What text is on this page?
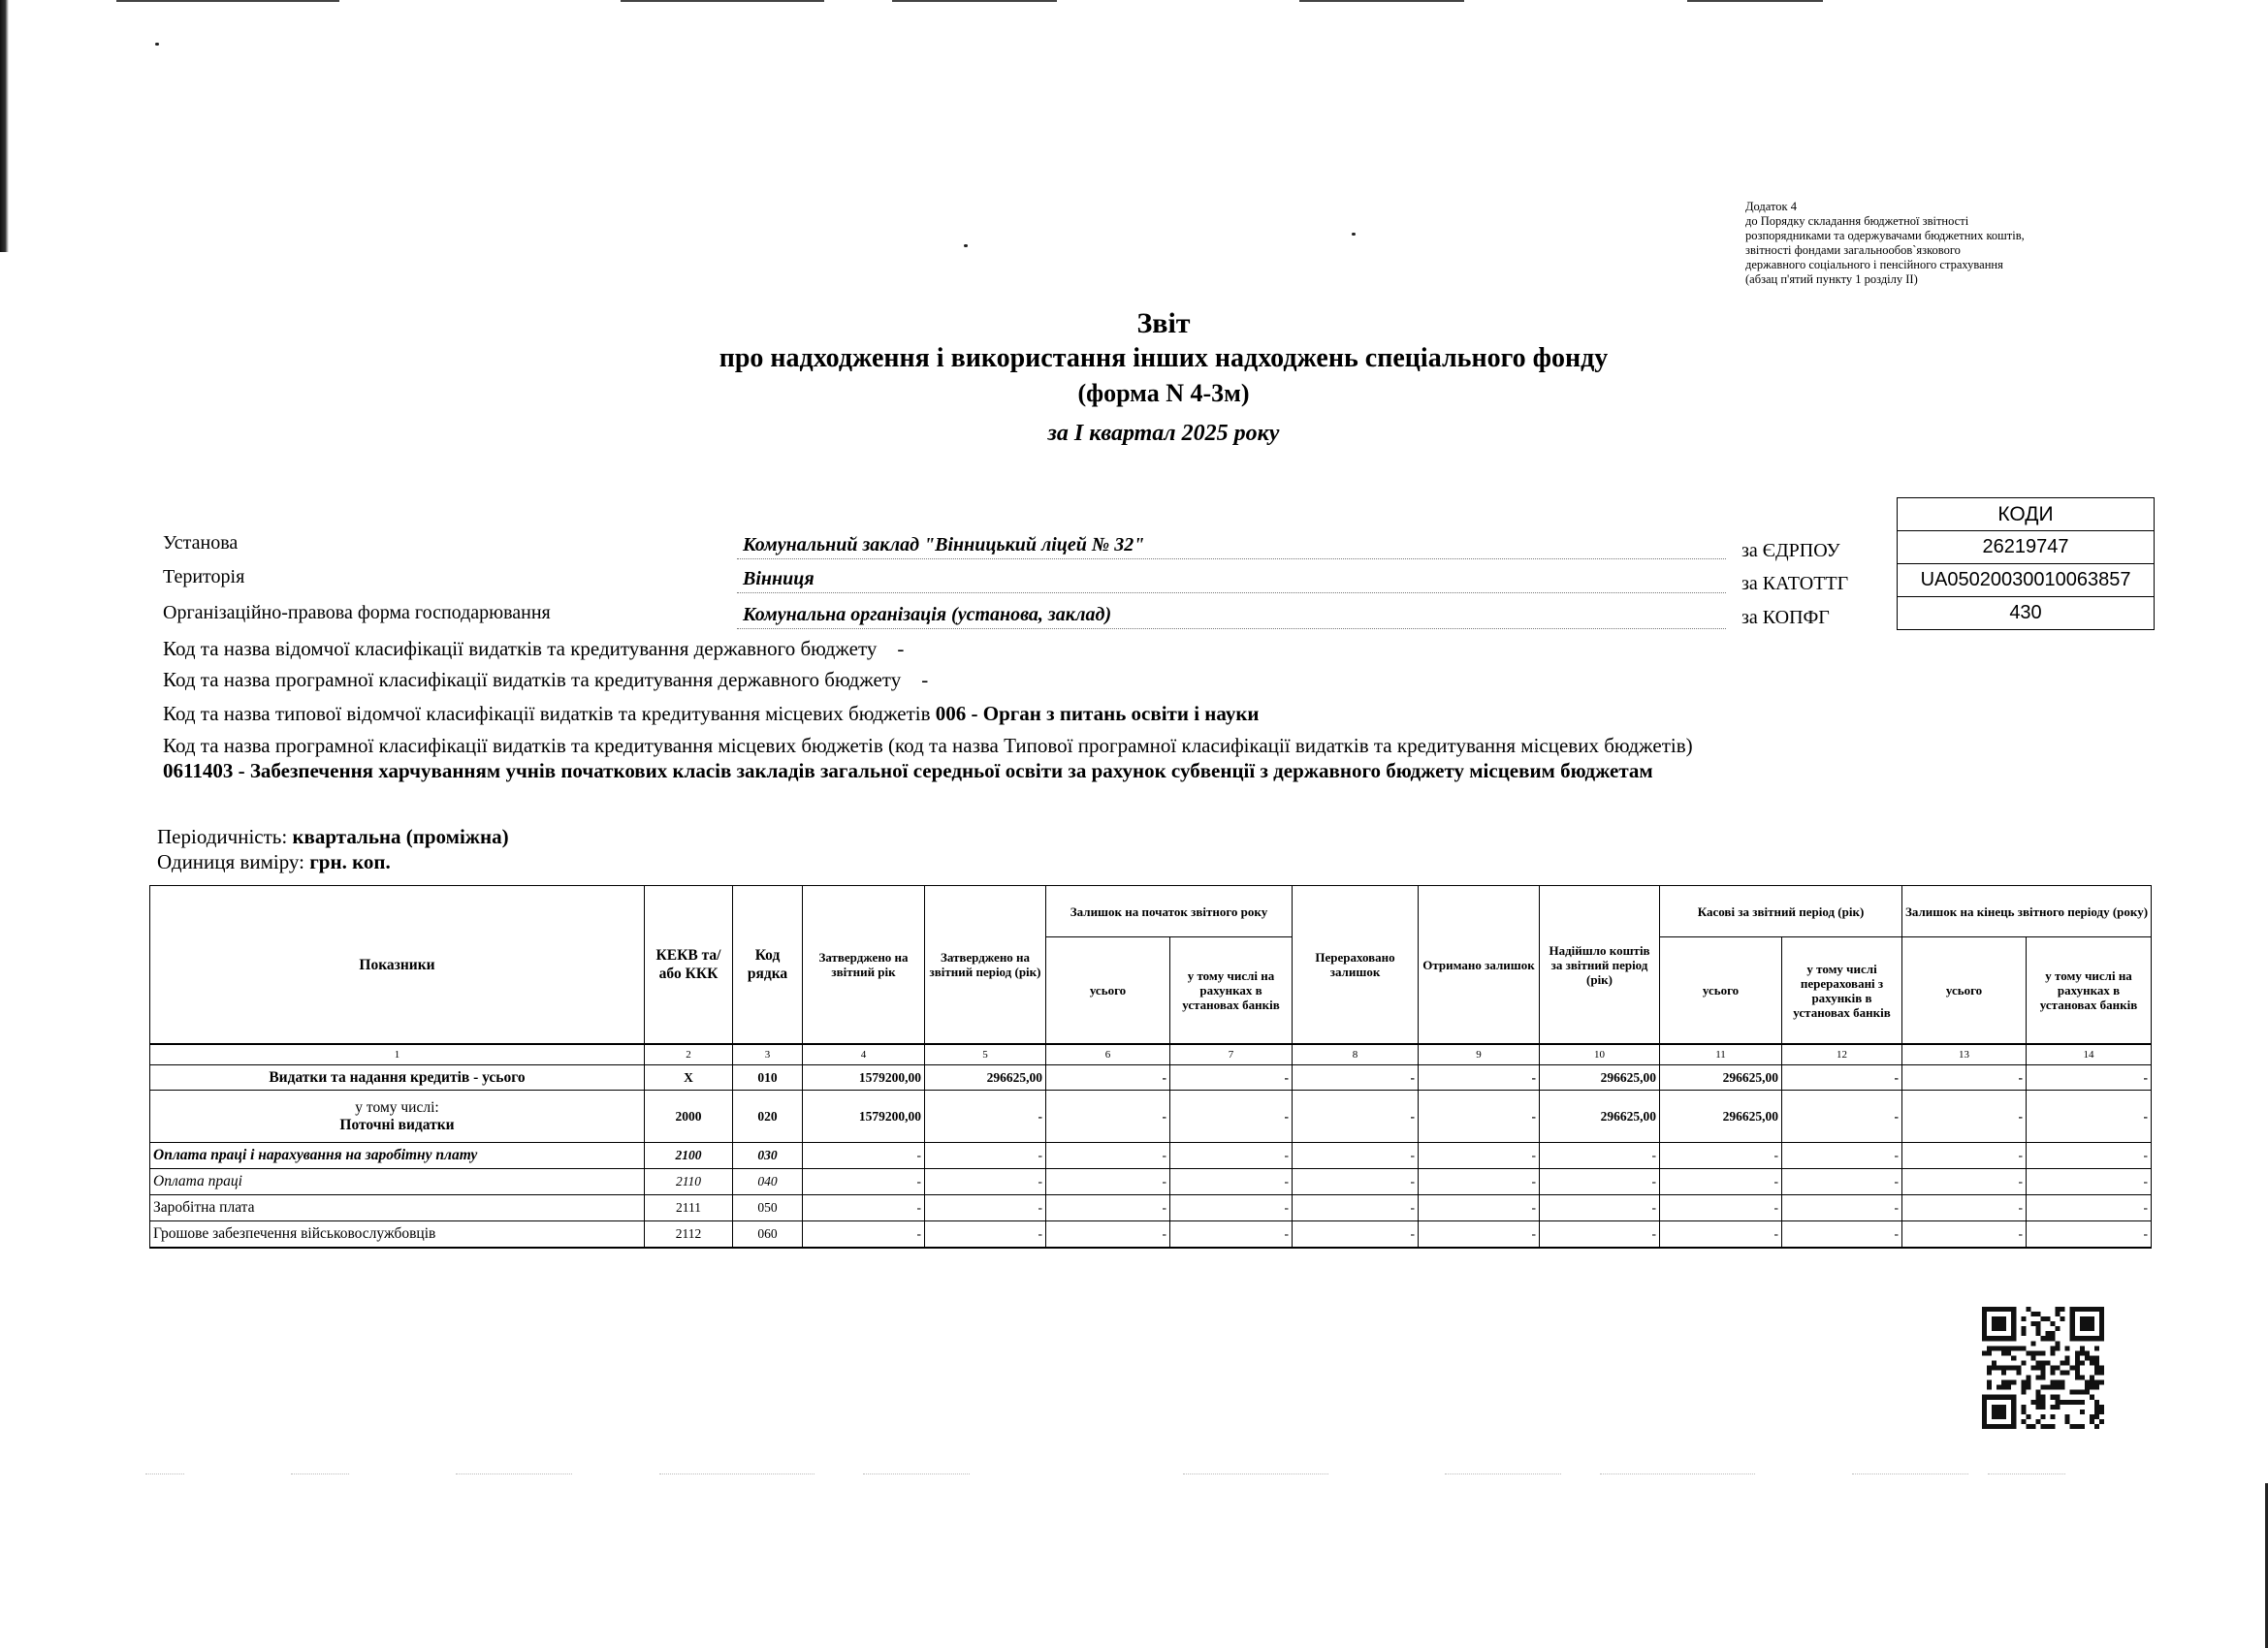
Додаток 4
до Порядку складання бюджетної звітності
розпорядниками та одержувачами бюджетних коштів,
звітності фондами загальнообов`язкового
державного соціального і пенсійного страхування
(абзац п'ятий пункту 1 розділу ІІ)
Звіт
про надходження і використання інших надходжень спеціального фонду
(форма N 4-3м)
за I квартал 2025 року
Установа	Комунальний заклад "Вінницький ліцей № 32"
Територія	Вінниця
Організаційно-правова форма господарювання	Комунальна організація (установа, заклад)
за ЄДРПОУ
за КАТОТТГ
за КОПФГ
КОДИ
26219747
UA05020030010063857
430
Код та назва відомчої класифікації видатків та кредитування державного бюджету -
Код та назва програмної класифікації видатків та кредитування державного бюджету -
Код та назва типової відомчої класифікації видатків та кредитування місцевих бюджетів 006 - Орган з питань освіти і науки
Код та назва програмної класифікації видатків та кредитування місцевих бюджетів (код та назва Типової програмної класифікації видатків та кредитування місцевих бюджетів) 0611403 - Забезпечення харчуванням учнів початкових класів закладів загальної середньої освіти за рахунок субвенції з державного бюджету місцевим бюджетам
Періодичність: квартальна (проміжна)
Одиниця виміру: грн. коп.
Показники	КЕКВ та/або ККК	Код рядка	Затверджено на звітний рік	Затверджено на звітний період (рік)	Залишок на початок звітного року		Перераховано залишок	Отримано залишок	Надійшло коштів за звітний період (рік)	Касові за звітний період (рік)		Залишок на кінець звітного періоду (року)	
					усього	у тому числі на рахунках в установах банків				усього	у тому числі перераховані з рахунків в установах банків	усього	у тому числі на рахунках в установах банків
1	2	3	4	5	6	7	8	9	10	11	12	13	14
Видатки та надання кредитів - усього	Х	010	1579200,00	296625,00	-	-	-	-	296625,00	296625,00	-	-	-

у тому числі:
Поточні видатки	2000	020	1579200,00	-	-	-	-	-	296625,00	296625,00	-	-	-
Оплата праці і нарахування на заробітну плату	2100	030	-	-	-	-	-	-	-	-	-	-	-
Оплата праці	2110	040	-	-	-	-	-	-	-	-	-	-	-
Заробітна плата	2111	050	-	-	-	-	-	-	-	-	-	-	-
Грошове забезпечення військовослужбовців	2112	060	-	-	-	-	-	-	-	-	-	-	-
